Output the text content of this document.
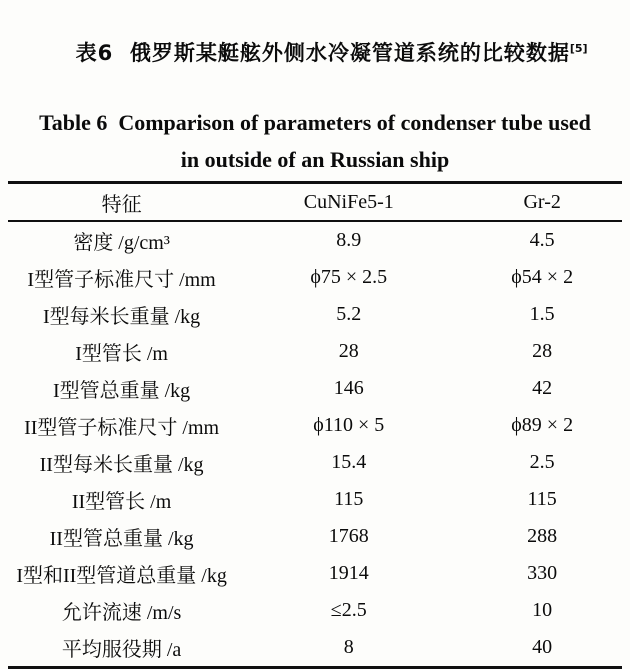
表6  俄罗斯某艇舷外侧水冷凝管道系统的比较数据[5]

Table 6  Comparison of parameters of condenser tube used
in outside of an Russian ship
特征	CuNiFe5-1	Gr-2
密度 /g/cm³	8.9	4.5
I型管子标准尺寸 /mm	ϕ75 × 2.5	ϕ54 × 2
I型每米长重量 /kg	5.2	1.5
I型管长 /m	28	28
I型管总重量 /kg	146	42
II型管子标准尺寸 /mm	ϕ110 × 5	ϕ89 × 2
II型每米长重量 /kg	15.4	2.5
II型管长 /m	115	115
II型管总重量 /kg	1768	288
I型和II型管道总重量 /kg	1914	330
允许流速 /m/s	≤2.5	10
平均服役期 /a	8	40
